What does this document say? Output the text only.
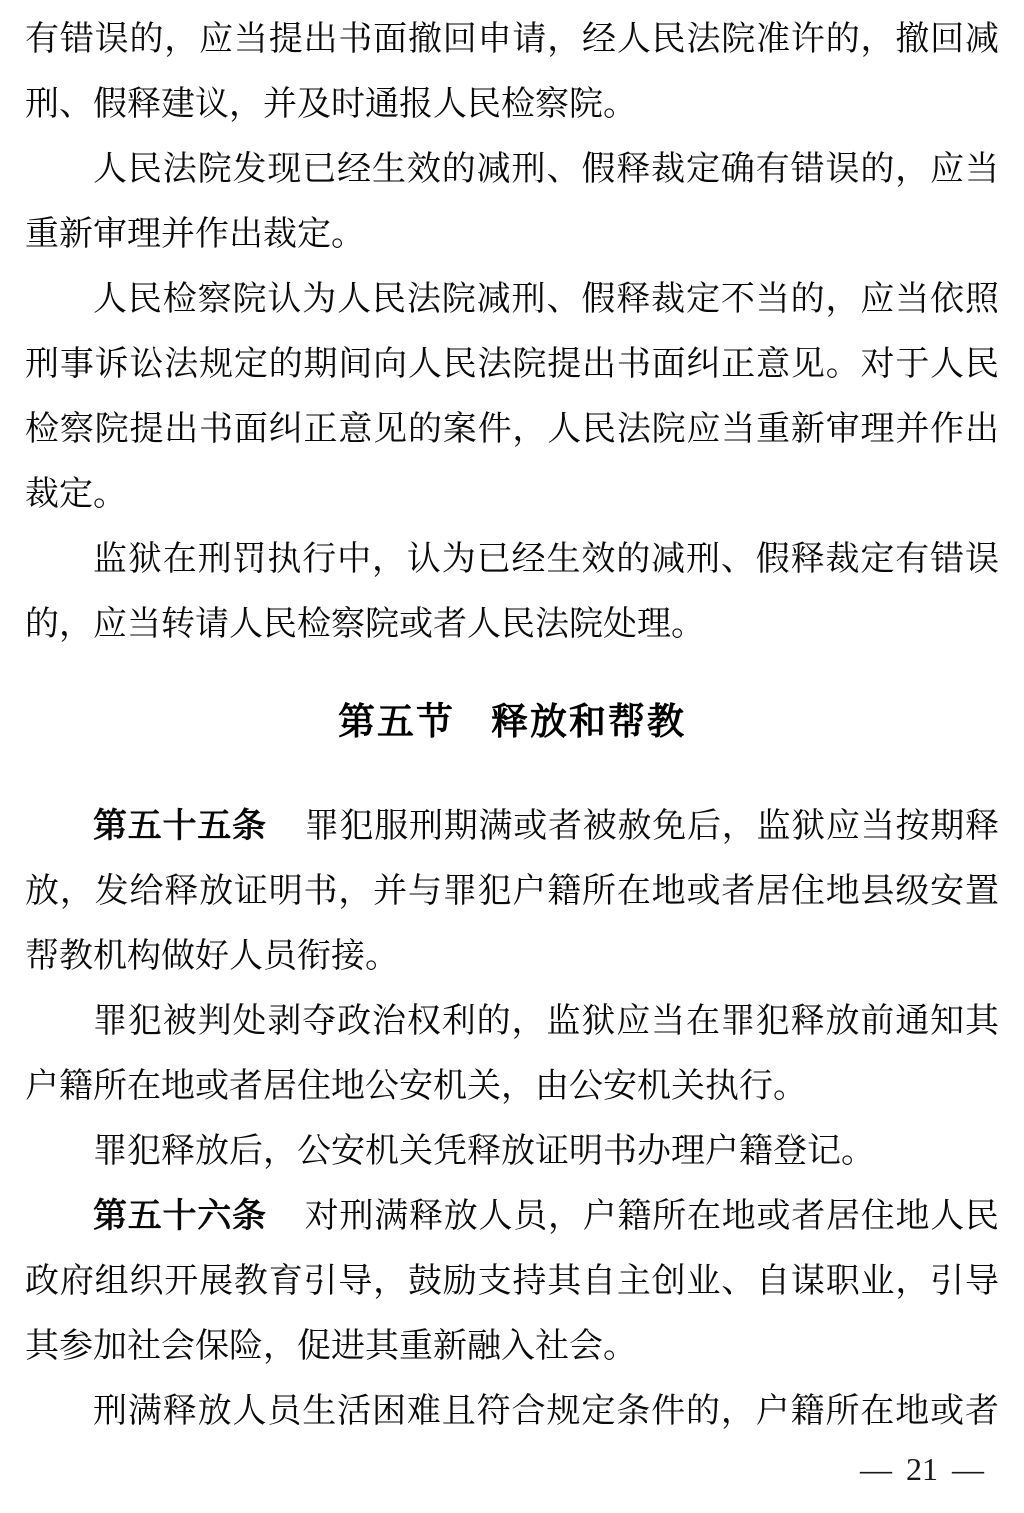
有错误的，应当提出书面撤回申请，经人民法院准许的，撤回减刑、假释建议，并及时通报人民检察院。

人民法院发现已经生效的减刑、假释裁定确有错误的，应当重新审理并作出裁定。

人民检察院认为人民法院减刑、假释裁定不当的，应当依照刑事诉讼法规定的期间向人民法院提出书面纠正意见。对于人民检察院提出书面纠正意见的案件，人民法院应当重新审理并作出裁定。

监狱在刑罚执行中，认为已经生效的减刑、假释裁定有错误的，应当转请人民检察院或者人民法院处理。

第五节 释放和帮教

第五十五条 罪犯服刑期满或者被赦免后，监狱应当按期释放，发给释放证明书，并与罪犯户籍所在地或者居住地县级安置帮教机构做好人员衔接。

罪犯被判处剥夺政治权利的，监狱应当在罪犯释放前通知其户籍所在地或者居住地公安机关，由公安机关执行。

罪犯释放后，公安机关凭释放证明书办理户籍登记。

第五十六条 对刑满释放人员，户籍所在地或者居住地人民政府组织开展教育引导，鼓励支持其自主创业、自谋职业，引导其参加社会保险，促进其重新融入社会。

刑满释放人员生活困难且符合规定条件的，户籍所在地或者

— 21 —
